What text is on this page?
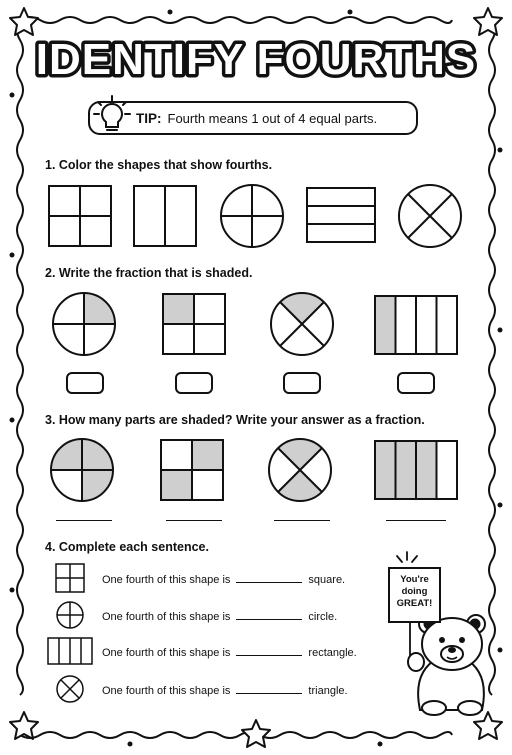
IDENTIFY FOURTHS
TIP: Fourth means 1 out of 4 equal parts.
1. Color the shapes that show fourths.
2. Write the fraction that is shaded.
3. How many parts are shaded? Write your answer as a fraction.
4. Complete each sentence.
One fourth of this shape is	square.
One fourth of this shape is	circle.
One fourth of this shape is	rectangle.
One fourth of this shape is	triangle.
You're
doing
GREAT!
